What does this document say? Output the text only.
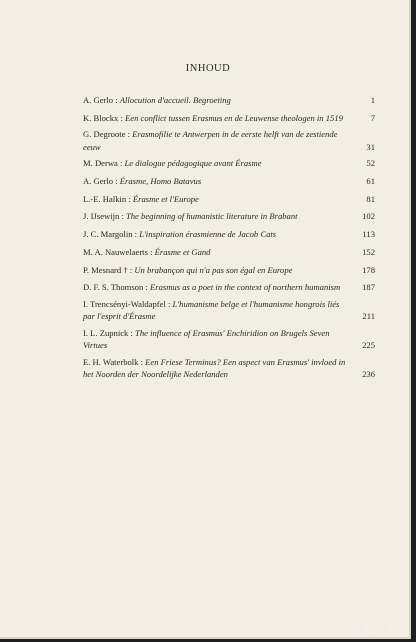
INHOUD
A. Gerlo : Allocution d'accueil. Begroeting	1
K. Blockx : Een conflict tussen Erasmus en de Leuwense theologen in 1519	7
G. Degroote : Erasmofilie te Antwerpen in de eerste helft van de zestiende eeuw	31
M. Derwa : Le dialogue pédagogique avant Érasme	52
A. Gerlo : Érasme, Homo Batavus	61
L.-E. Halkin : Érasme et l'Europe	81
J. IJsewijn : The beginning of humanistic literature in Brabant	102
J. C. Margolin : L'inspiration érasmienne de Jacob Cats	113
M. A. Nauwelaerts : Érasme et Gand	152
P. Mesnard † : Un brabançon qui n'a pas son égal en Europe	178
D. F. S. Thomson : Erasmus as a poet in the context of northern humanism	187
I. Trencsényi-Waldapfel : L'humanisme belge et l'humanisme hongrois liés par l'esprit d'Érasme	211
I. L. Zupnick : The influence of Erasmus' Enchiridion on Brugels Seven Virtues	225
E. H. Waterbolk : Een Friese Terminus? Een aspect van Erasmus' invloed in het Noorden der Noordelijke Nederlanden	236
E.T.
